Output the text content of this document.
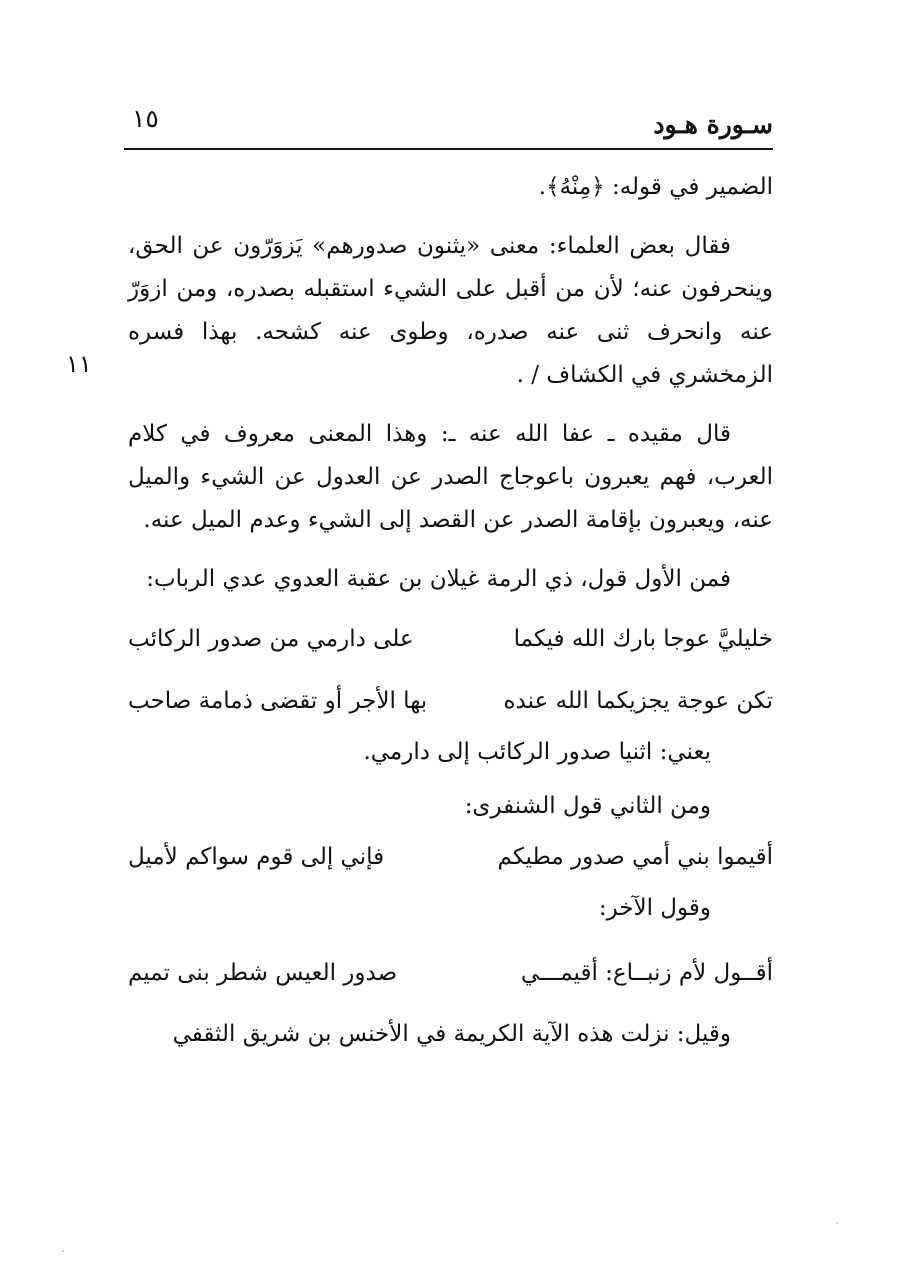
سـورة هـود
١٥
١١

الضمير في قوله: ﴿مِنْهُ﴾.

فقال بعض العلماء: معنى «يثنون صدورهم» يَزوَرّون عن الحق، وينحرفون عنه؛ لأن من أقبل على الشيء استقبله بصدره، ومن ازوَرّ عنه وانحرف ثنى عنه صدره، وطوى عنه كشحه. بهذا فسره الزمخشري في الكشاف / .

قال مقيده ـ عفا الله عنه ـ: وهذا المعنى معروف في كلام العرب، فهم يعبرون باعوجاج الصدر عن العدول عن الشيء والميل عنه، ويعبرون بإقامة الصدر عن القصد إلى الشيء وعدم الميل عنه.

فمن الأول قول، ذي الرمة غيلان بن عقبة العدوي عدي الرباب:

خليليَّ عوجا بارك الله فيكما
على دارمي من صدور الركائب
تكن عوجة يجزيكما الله عنده
بها الأجر أو تقضى ذمامة صاحب

يعني: اثنيا صدور الركائب إلى دارمي.

ومن الثاني قول الشنفرى:

أقيموا بني أمي صدور مطيكم
فإني إلى قوم سواكم لأميل

وقول الآخر:

أقــول لأم زنبــاع: أقيمـــي
صدور العيس شطر بنى تميم

وقيل: نزلت هذه الآية الكريمة في الأخنس بن شريق الثقفي
